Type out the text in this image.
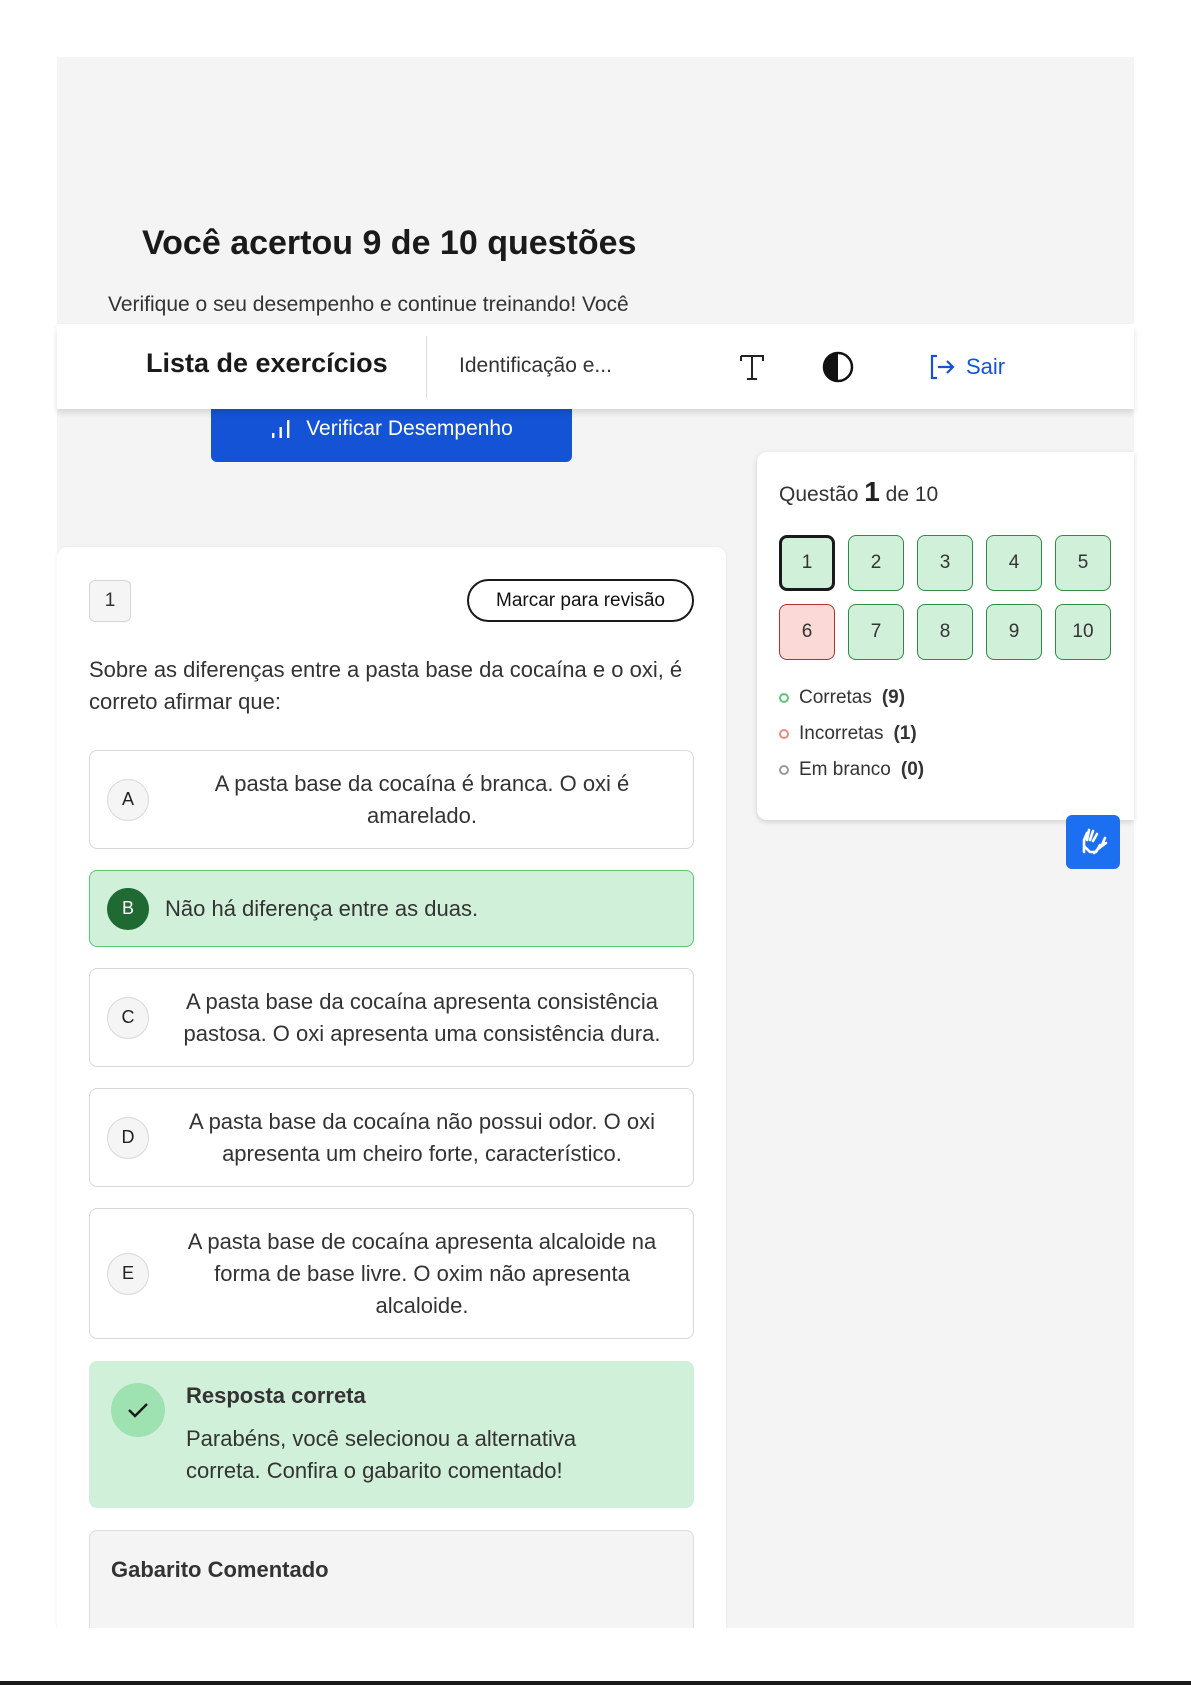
Você acertou 9 de 10 questões
Verifique o seu desempenho e continue treinando! Você
Verificar Desempenho
Lista de exercícios	Identificação e...	Sair
1	Marcar para revisão
Sobre as diferenças entre a pasta base da cocaína e o oxi, é correto afirmar que:
A
A pasta base da cocaína é branca. O oxi é amarelado.
B	Não há diferença entre as duas.
C
A pasta base da cocaína apresenta consistência pastosa. O oxi apresenta uma consistência dura.
D
A pasta base da cocaína não possui odor. O oxi apresenta um cheiro forte, característico.
E
A pasta base de cocaína apresenta alcaloide na forma de base livre. O oxim não apresenta alcaloide.
Resposta correta
Parabéns, você selecionou a alternativa correta. Confira o gabarito comentado!
Gabarito Comentado
Questão 1 de 10
1	2	3	4	5
6	7	8	9	10
Corretas (9)
Incorretas (1)
Em branco (0)
